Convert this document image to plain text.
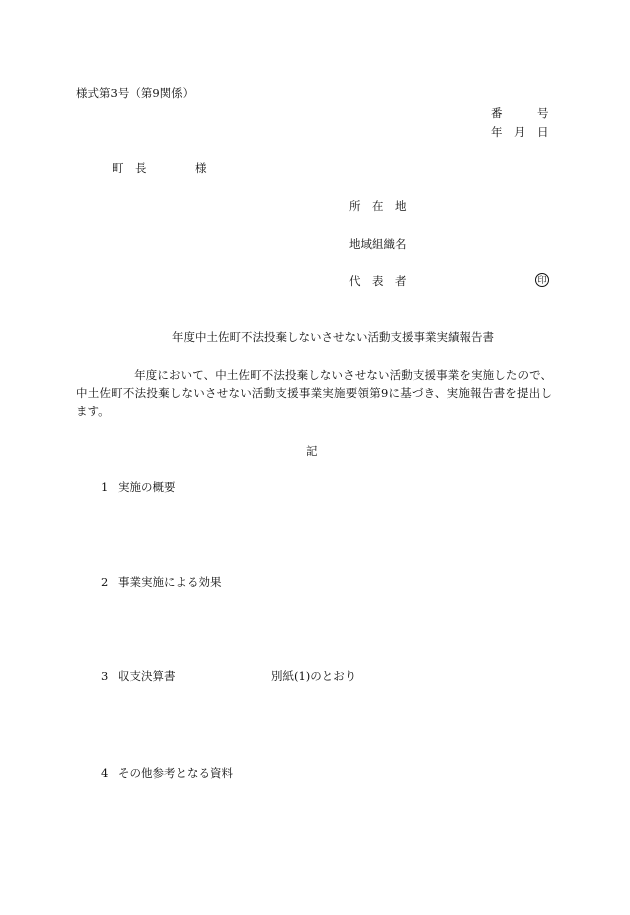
様式第3号（第9関係）
番　　　号
年　月　日
町　長	様
所　在　地
地域組織名
代　表　者	印
年度中土佐町不法投棄しないさせない活動支援事業実績報告書
　　　　　年度において、中土佐町不法投棄しないさせない活動支援事業を実施したので、中土佐町不法投棄しないさせない活動支援事業実施要領第9に基づき、実施報告書を提出します。
記
1 実施の概要
2 事業実施による効果
3 収支決算書	別紙(1)のとおり
4 その他参考となる資料
